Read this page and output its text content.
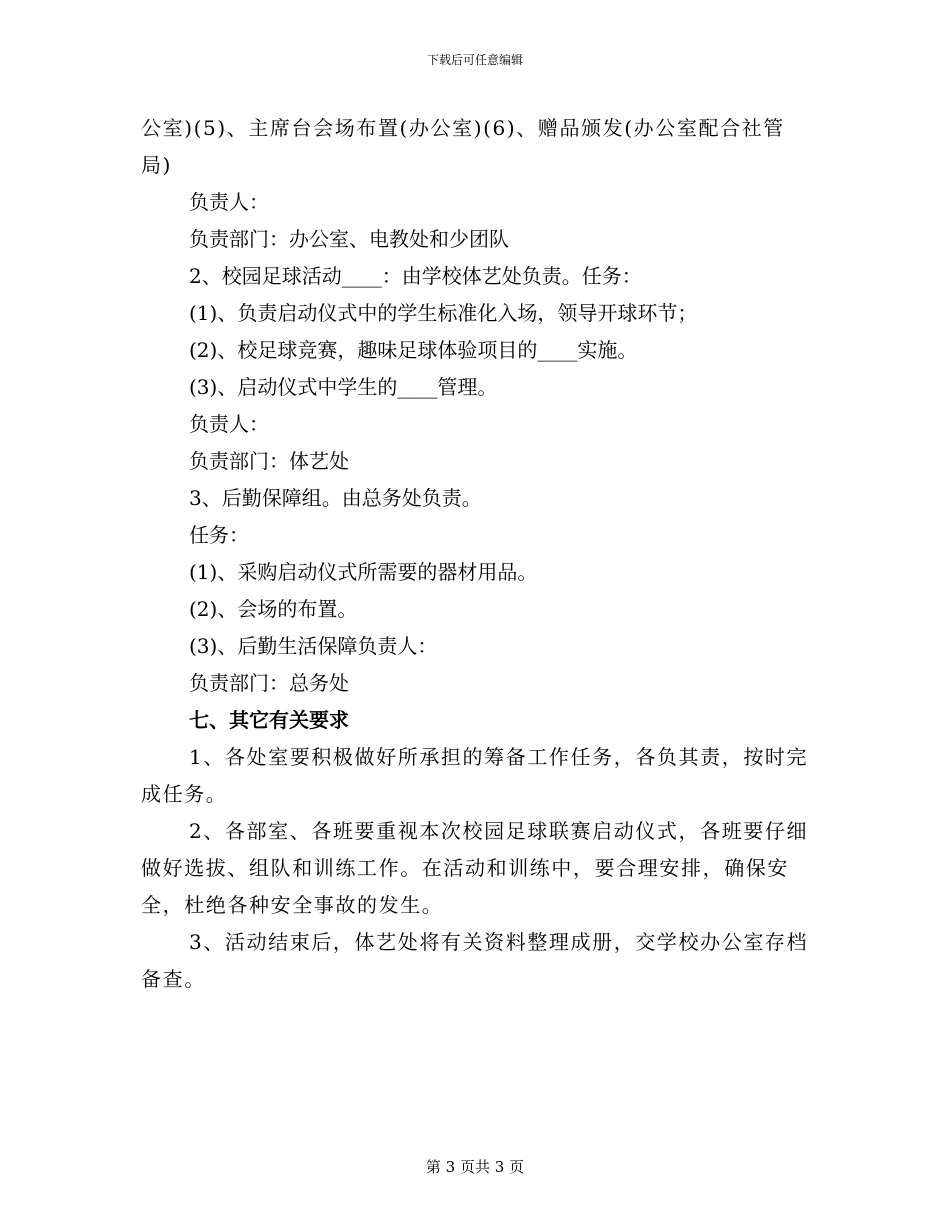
下载后可任意编辑

公室)(5)、主席台会场布置(办公室)(6)、赠品颁发(办公室配合社管局)

负责人：

负责部门：办公室、电教处和少团队

2、校园足球活动____：由学校体艺处负责。任务：

(1)、负责启动仪式中的学生标准化入场，领导开球环节；

(2)、校足球竞赛，趣味足球体验项目的____实施。

(3)、启动仪式中学生的____管理。

负责人：

负责部门：体艺处

3、后勤保障组。由总务处负责。

任务：

(1)、采购启动仪式所需要的器材用品。

(2)、会场的布置。

(3)、后勤生活保障负责人：

负责部门：总务处

七、其它有关要求

1、各处室要积极做好所承担的筹备工作任务，各负其责，按时完成任务。

2、各部室、各班要重视本次校园足球联赛启动仪式，各班要仔细做好选拔、组队和训练工作。在活动和训练中，要合理安排，确保安全，杜绝各种安全事故的发生。

3、活动结束后，体艺处将有关资料整理成册，交学校办公室存档备查。

第 3 页共 3 页
